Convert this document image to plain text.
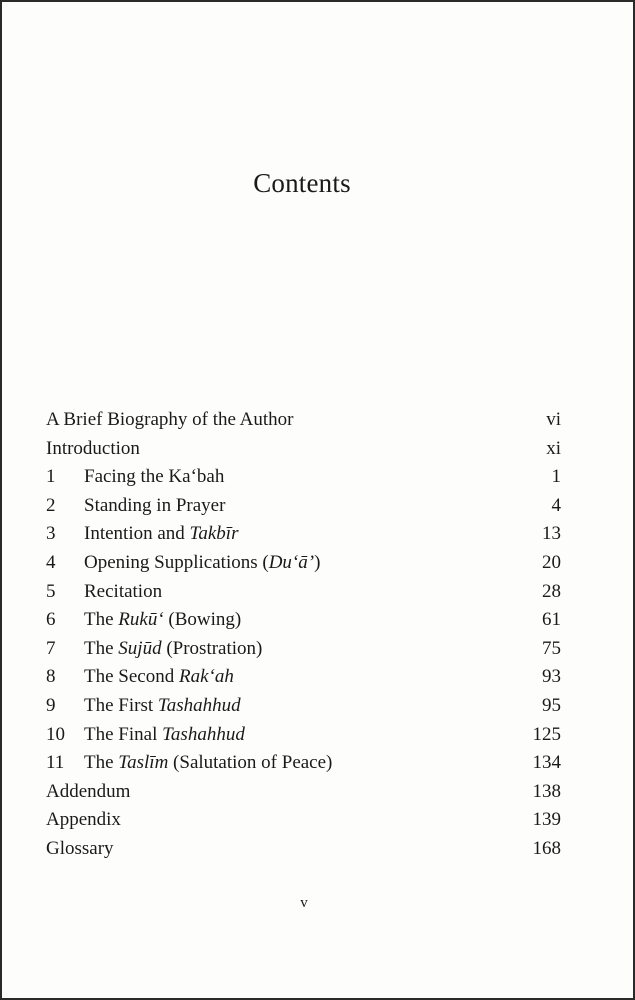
Contents
A Brief Biography of the Author	vi
Introduction	xi
1	Facing the Ka‘bah	1
2	Standing in Prayer	4
3	Intention and Takbīr	13
4	Opening Supplications (Du‘ā’)	20
5	Recitation	28
6	The Rukū‘ (Bowing)	61
7	The Sujūd (Prostration)	75
8	The Second Rak‘ah	93
9	The First Tashahhud	95
10	The Final Tashahhud	125
11	The Taslīm (Salutation of Peace)	134
Addendum	138
Appendix	139
Glossary	168
v
